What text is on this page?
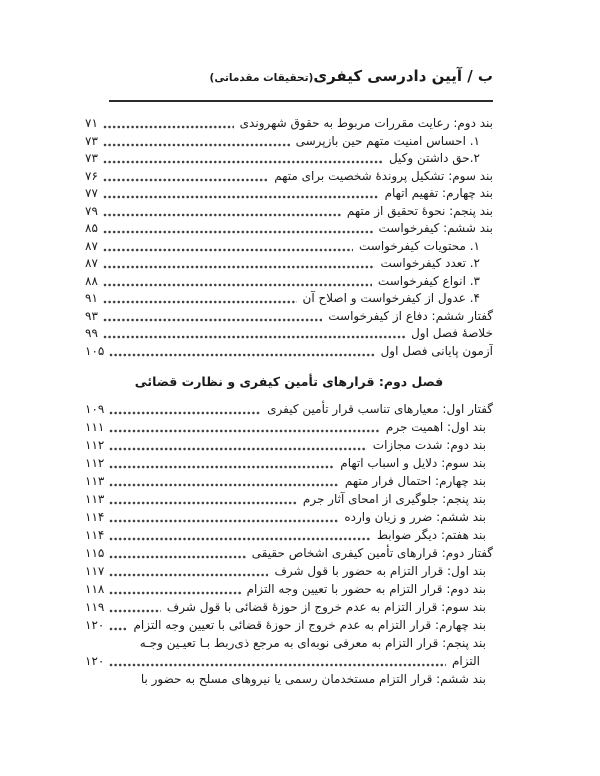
ب / آیین دادرسی کیفری(تحقیقات مقدماتی)
بند دوم: رعایت مقررات مربوط به حقوق شهروندی
۷۱
۱. احساس امنیت متهم حین بازپرسی
۷۳
۲.حق داشتن وکیل
۷۳
بند سوم: تشکیل پروندۀ شخصیت برای متهم
۷۶
بند چهارم: تفهیم اتهام
۷۷
بند پنجم: نحوۀ تحقیق از متهم
۷۹
بند ششم: کیفرخواست
۸۵
۱. محتویات کیفرخواست
۸۷
۲. تعدد کیفرخواست
۸۷
۳. انواع کیفرخواست
۸۸
۴. عدول از کیفرخواست و اصلاح آن
۹۱
گفتار ششم: دفاع از کیفرخواست
۹۳
خلاصۀ فصل اول
۹۹
آزمون پایانی فصل اول
۱۰۵
فصل دوم: قرارهای تأمین کیفری و نظارت قضائی
گفتار اول: معیارهای تناسب قرار تأمین کیفری
۱۰۹
بند اول: اهمیت جرم
۱۱۱
بند دوم: شدت مجازات
۱۱۲
بند سوم: دلایل و اسباب اتهام
۱۱۲
بند چهارم: احتمال فرار متهم
۱۱۳
بند پنجم: جلوگیری از امحای آثار جرم
۱۱۳
بند ششم: ضرر و زیان وارده
۱۱۴
بند هفتم: دیگر ضوابط
۱۱۴
گفتار دوم: قرارهای تأمین کیفری اشخاص حقیقی
۱۱۵
بند اول: قرار التزام به حضور با قول شرف
۱۱۷
بند دوم: قرار التزام به حضور با تعیین وجه التزام
۱۱۸
بند سوم: قرار التزام به عدم خروج از حوزۀ قضائی با قول شرف
۱۱۹
بند چهارم: قرار التزام به عدم خروج از حوزۀ قضائی با تعیین وجه التزام
۱۲۰
بند پنجم: قرار التزام به معرفی نوبه‌ای به مرجع ذی‌ربط بـا تعیـین وجـه
التزام
۱۲۰
بند ششم: قرار التزام مستخدمان رسمی یا نیروهای مسلح به حضور با
